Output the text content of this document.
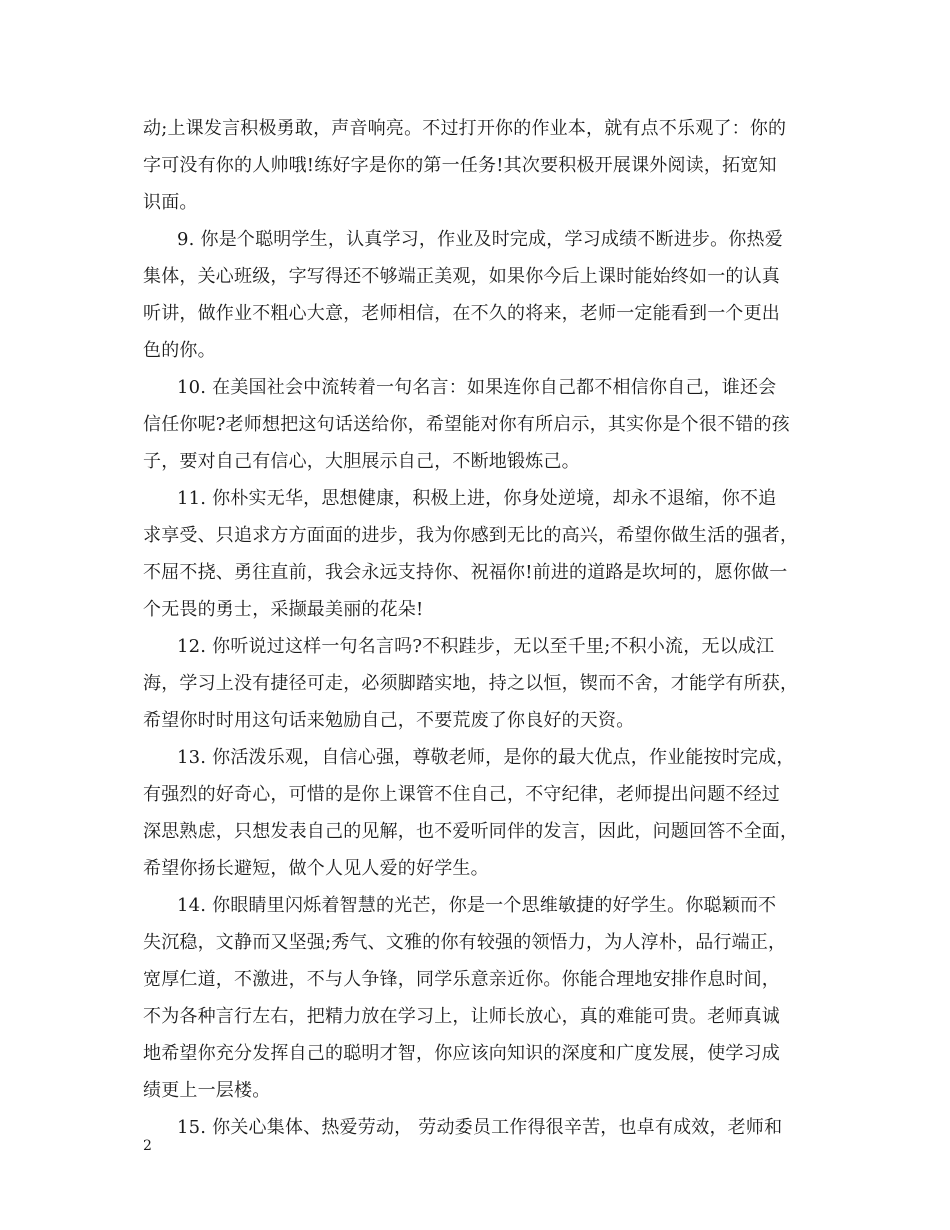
动;上课发言积极勇敢，声音响亮。不过打开你的作业本，就有点不乐观了：你的
字可没有你的人帅哦!练好字是你的第一任务!其次要积极开展课外阅读，拓宽知
识面。
9. 你是个聪明学生，认真学习，作业及时完成，学习成绩不断进步。你热爱
集体，关心班级，字写得还不够端正美观，如果你今后上课时能始终如一的认真
听讲，做作业不粗心大意，老师相信，在不久的将来，老师一定能看到一个更出
色的你。
10. 在美国社会中流转着一句名言：如果连你自己都不相信你自己，谁还会
信任你呢?老师想把这句话送给你，希望能对你有所启示，其实你是个很不错的孩
子，要对自己有信心，大胆展示自己，不断地锻炼己。
11. 你朴实无华，思想健康，积极上进，你身处逆境，却永不退缩，你不追
求享受、只追求方方面面的进步，我为你感到无比的高兴，希望你做生活的强者，
不屈不挠、勇往直前，我会永远支持你、祝福你!前进的道路是坎坷的，愿你做一
个无畏的勇士，采撷最美丽的花朵!
12. 你听说过这样一句名言吗?不积跬步，无以至千里;不积小流，无以成江
海，学习上没有捷径可走，必须脚踏实地，持之以恒，锲而不舍，才能学有所获，
希望你时时用这句话来勉励自己，不要荒废了你良好的天资。
13. 你活泼乐观，自信心强，尊敬老师，是你的最大优点，作业能按时完成，
有强烈的好奇心，可惜的是你上课管不住自己，不守纪律，老师提出问题不经过
深思熟虑，只想发表自己的见解，也不爱听同伴的发言，因此，问题回答不全面，
希望你扬长避短，做个人见人爱的好学生。
14. 你眼睛里闪烁着智慧的光芒，你是一个思维敏捷的好学生。你聪颖而不
失沉稳，文静而又坚强;秀气、文雅的你有较强的领悟力，为人淳朴，品行端正，
宽厚仁道，不激进，不与人争锋，同学乐意亲近你。你能合理地安排作息时间，
不为各种言行左右，把精力放在学习上，让师长放心，真的难能可贵。老师真诚
地希望你充分发挥自己的聪明才智，你应该向知识的深度和广度发展，使学习成
绩更上一层楼。
15. 你关心集体、热爱劳动， 劳动委员工作得很辛苦，也卓有成效，老师和
2
